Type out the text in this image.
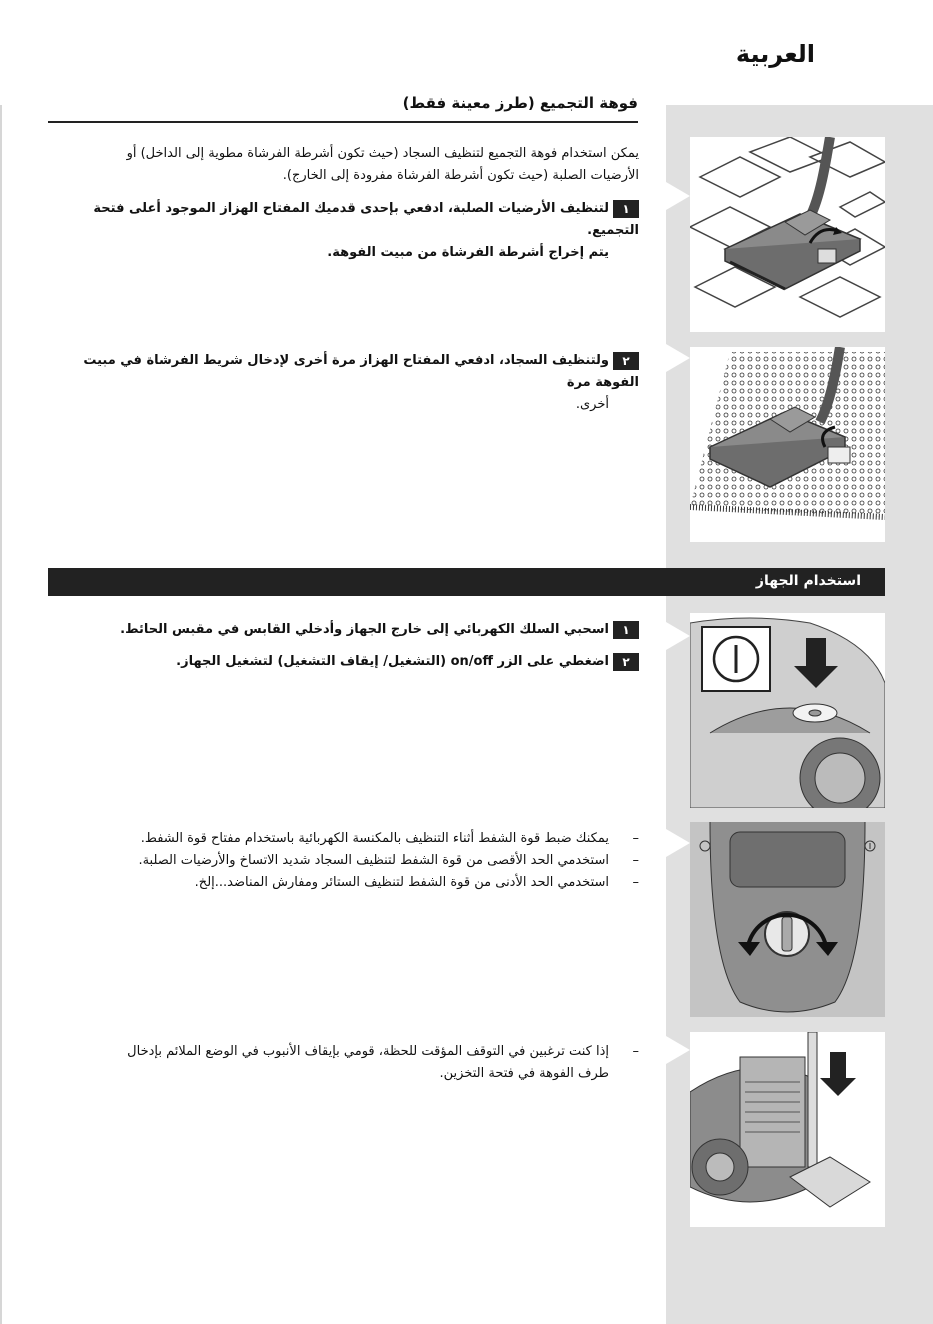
العربية
فوهة التجميع (طرز معينة فقط)
يمكن استخدام فوهة التجميع لتنظيف السجاد (حيث تكون أشرطة الفرشاة مطوية إلى الداخل) أو
الأرضيات الصلبة (حيث تكون أشرطة الفرشاة مفرودة إلى الخارج).
١لتنظيف الأرضيات الصلبة، ادفعي بإحدى قدميك المفتاح الهزاز الموجود أعلى فتحة التجميع.
يتم إخراج أشرطة الفرشاة من مبيت الفوهة.
٢ولتنظيف السجاد، ادفعي المفتاح الهزاز مرة أخرى لإدخال شريط الفرشاة في مبيت الفوهة مرة
أخرى.
استخدام الجهاز
١اسحبي السلك الكهربائي إلى خارج الجهاز وأدخلي القابس في مقبس الحائط.
٢اضغطي على الزر on/off (التشغيل/ إيقاف التشغيل) لتشغيل الجهاز.
–
يمكنك ضبط قوة الشفط أثناء التنظيف بالمكنسة الكهربائية باستخدام مفتاح قوة الشفط.
–
استخدمي الحد الأقصى من قوة الشفط لتنظيف السجاد شديد الاتساخ والأرضيات الصلبة.
–
استخدمي الحد الأدنى من قوة الشفط لتنظيف الستائر ومفارش المناضد...إلخ.
–
إذا كنت ترغبين في التوقف المؤقت للحظة، قومي بإيقاف الأنبوب في الوضع الملائم بإدخال
طرف الفوهة في فتحة التخزين.
